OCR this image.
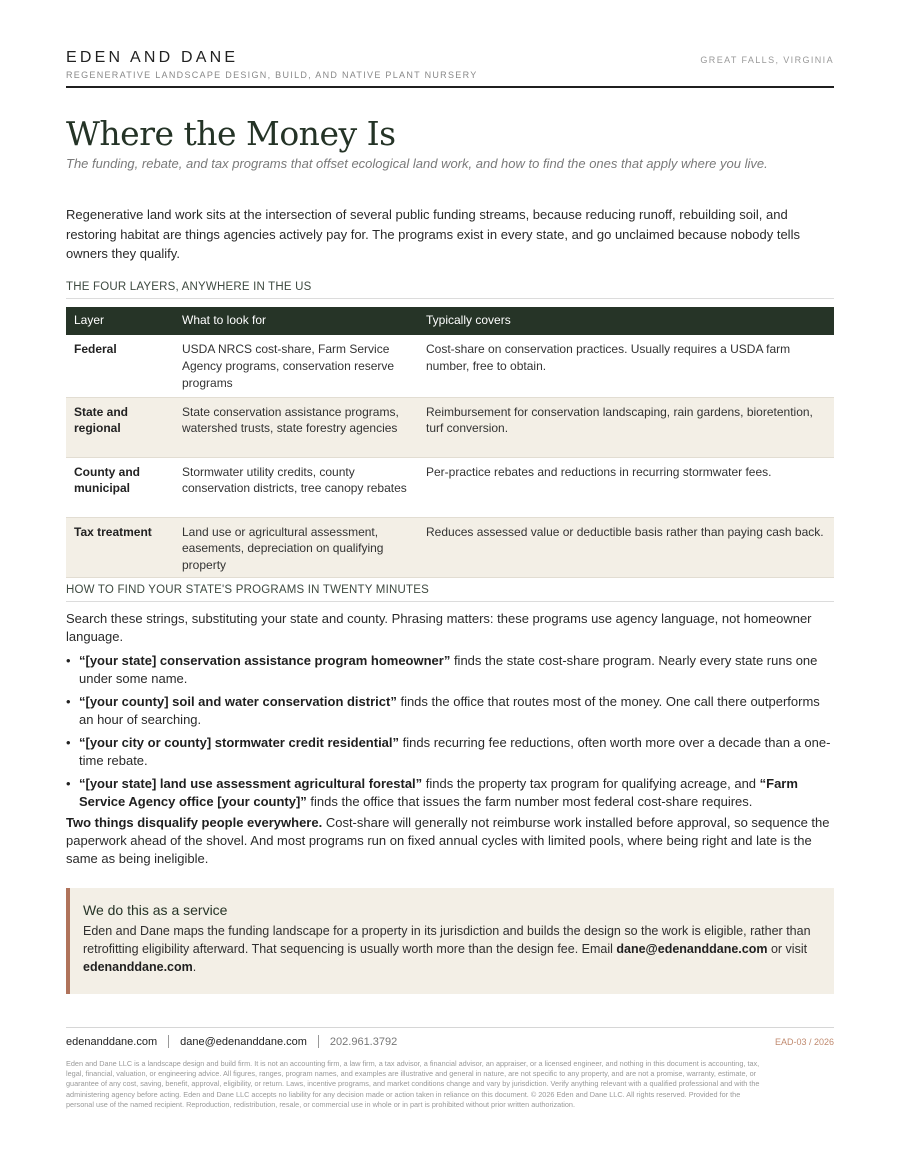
EDEN AND DANE
REGENERATIVE LANDSCAPE DESIGN, BUILD, AND NATIVE PLANT NURSERY
GREAT FALLS, VIRGINIA
Where the Money Is
The funding, rebate, and tax programs that offset ecological land work, and how to find the ones that apply where you live.

Regenerative land work sits at the intersection of several public funding streams, because reducing runoff, rebuilding soil, and restoring habitat are things agencies actively pay for. The programs exist in every state, and go unclaimed because nobody tells owners they qualify.

THE FOUR LAYERS, ANYWHERE IN THE US
Layer	What to look for	Typically covers
Federal	USDA NRCS cost-share, Farm Service Agency programs, conservation reserve programs	Cost-share on conservation practices. Usually requires a USDA farm number, free to obtain.
State and regional	State conservation assistance programs, watershed trusts, state forestry agencies	Reimbursement for conservation landscaping, rain gardens, bioretention, turf conversion.
County and municipal	Stormwater utility credits, county conservation districts, tree canopy rebates	Per-practice rebates and reductions in recurring stormwater fees.
Tax treatment	Land use or agricultural assessment, easements, depreciation on qualifying property	Reduces assessed value or deductible basis rather than paying cash back.
HOW TO FIND YOUR STATE'S PROGRAMS IN TWENTY MINUTES

Search these strings, substituting your state and county. Phrasing matters: these programs use agency language, not homeowner language.

• “[your state] conservation assistance program homeowner” finds the state cost-share program. Nearly every state runs one under some name.
• “[your county] soil and water conservation district” finds the office that routes most of the money. One call there outperforms an hour of searching.
• “[your city or county] stormwater credit residential” finds recurring fee reductions, often worth more over a decade than a one-time rebate.
• “[your state] land use assessment agricultural forestal” finds the property tax program for qualifying acreage, and “Farm Service Agency office [your county]” finds the office that issues the farm number most federal cost-share requires.

Two things disqualify people everywhere. Cost-share will generally not reimburse work installed before approval, so sequence the paperwork ahead of the shovel. And most programs run on fixed annual cycles with limited pools, where being right and late is the same as being ineligible.

We do this as a service
Eden and Dane maps the funding landscape for a property in its jurisdiction and builds the design so the work is eligible, rather than retrofitting eligibility afterward. That sequencing is usually worth more than the design fee. Email dane@edenanddane.com or visit edenanddane.com.
edenanddane.com dane@edenanddane.com 202.961.3792	EAD-03 / 2026

Eden and Dane LLC is a landscape design and build firm. It is not an accounting firm, a law firm, a tax advisor, a financial advisor, an appraiser, or a licensed engineer, and nothing in this document is accounting, tax, legal, financial, valuation, or engineering advice. All figures, ranges, program names, and examples are illustrative and general in nature, are not specific to any property, and are not a promise, warranty, estimate, or guarantee of any cost, saving, benefit, approval, eligibility, or return. Laws, incentive programs, and market conditions change and vary by jurisdiction. Verify anything relevant with a qualified professional and with the administering agency before acting. Eden and Dane LLC accepts no liability for any decision made or action taken in reliance on this document. © 2026 Eden and Dane LLC. All rights reserved. Provided for the personal use of the named recipient. Reproduction, redistribution, resale, or commercial use in whole or in part is prohibited without prior written authorization.
